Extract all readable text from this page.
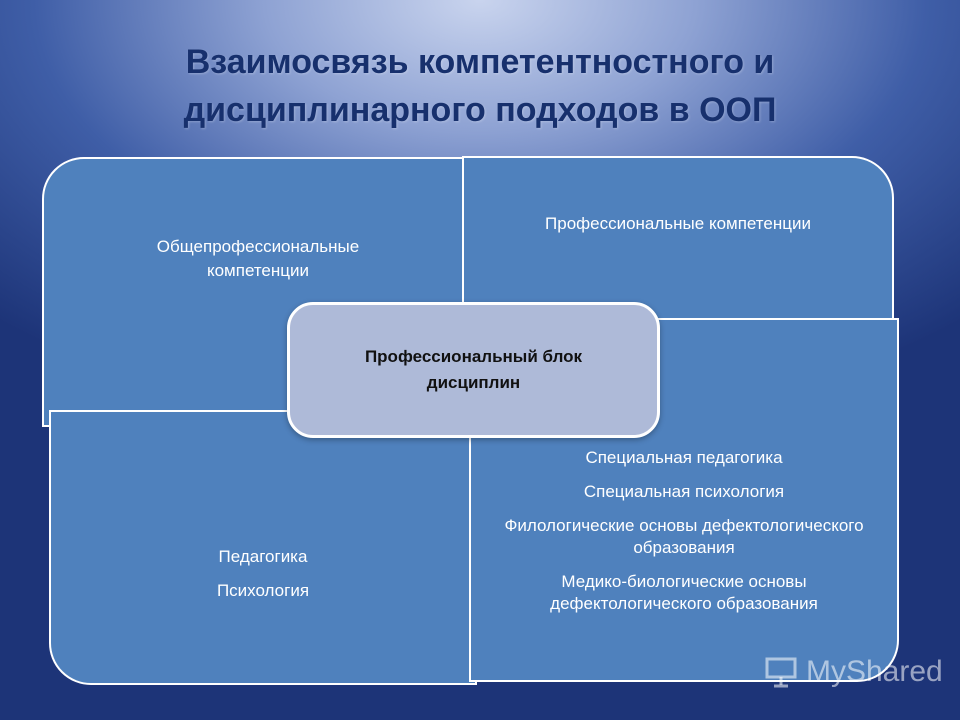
Взаимосвязь компетентностного и дисциплинарного подходов в ООП
Общепрофессиональные компетенции
Профессиональные компетенции
Педагогика
Психология
Специальная педагогика
Специальная психология
Филологические основы дефектологического образования
Медико-биологические основы дефектологического образования
Профессиональный блок дисциплин
MyShared
